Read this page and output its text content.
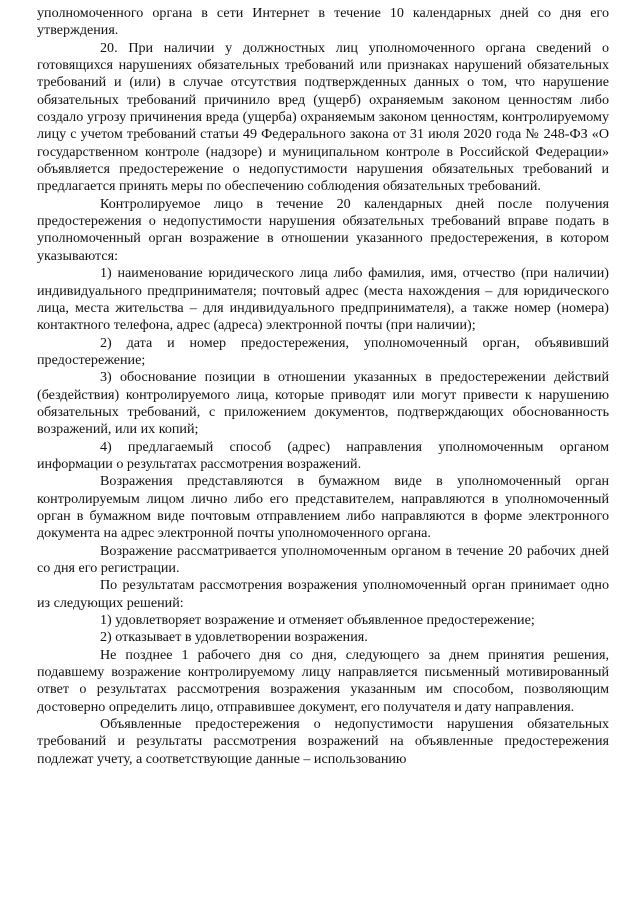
уполномоченного органа в сети Интернет в течение 10 календарных дней со дня его утверждения.

20. При наличии у должностных лиц уполномоченного органа сведений о готовящихся нарушениях обязательных требований или признаках нарушений обязательных требований и (или) в случае отсутствия подтвержденных данных о том, что нарушение обязательных требований причинило вред (ущерб) охраняемым законом ценностям либо создало угрозу причинения вреда (ущерба) охраняемым законом ценностям, контролируемому лицу с учетом требований статьи 49 Федерального закона от 31 июля 2020 года № 248-ФЗ «О государственном контроле (надзоре) и муниципальном контроле в Российской Федерации» объявляется предостережение о недопустимости нарушения обязательных требований и предлагается принять меры по обеспечению соблюдения обязательных требований.

Контролируемое лицо в течение 20 календарных дней после получения предостережения о недопустимости нарушения обязательных требований вправе подать в уполномоченный орган возражение в отношении указанного предостережения, в котором указываются:

1) наименование юридического лица либо фамилия, имя, отчество (при наличии) индивидуального предпринимателя; почтовый адрес (места нахождения – для юридического лица, места жительства – для индивидуального предпринимателя), а также номер (номера) контактного телефона, адрес (адреса) электронной почты (при наличии);

2) дата и номер предостережения, уполномоченный орган, объявивший предостережение;

3) обоснование позиции в отношении указанных в предостережении действий (бездействия) контролируемого лица, которые приводят или могут привести к нарушению обязательных требований, с приложением документов, подтверждающих обоснованность возражений, или их копий;

4) предлагаемый способ (адрес) направления уполномоченным органом информации о результатах рассмотрения возражений.

Возражения представляются в бумажном виде в уполномоченный орган контролируемым лицом лично либо его представителем, направляются в уполномоченный орган в бумажном виде почтовым отправлением либо направляются в форме электронного документа на адрес электронной почты уполномоченного органа.

Возражение рассматривается уполномоченным органом в течение 20 рабочих дней со дня его регистрации.

По результатам рассмотрения возражения уполномоченный орган принимает одно из следующих решений:

1) удовлетворяет возражение и отменяет объявленное предостережение;

2) отказывает в удовлетворении возражения.

Не позднее 1 рабочего дня со дня, следующего за днем принятия решения, подавшему возражение контролируемому лицу направляется письменный мотивированный ответ о результатах рассмотрения возражения указанным им способом, позволяющим достоверно определить лицо, отправившее документ, его получателя и дату направления.

Объявленные предостережения о недопустимости нарушения обязательных требований и результаты рассмотрения возражений на объявленные предостережения подлежат учету, а соответствующие данные – использованию
